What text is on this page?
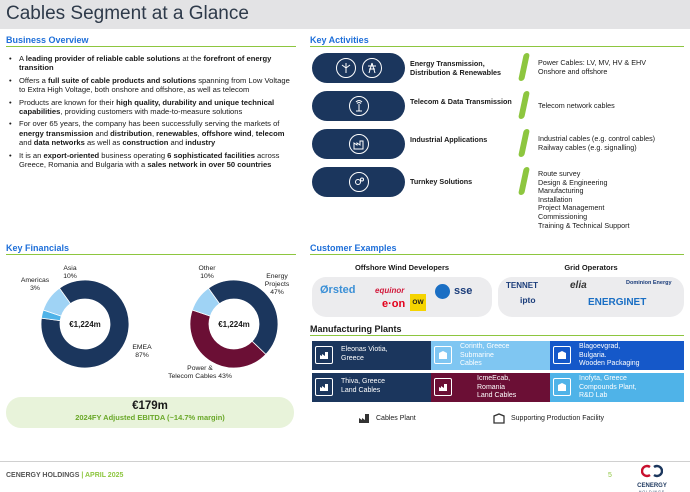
Cables Segment at a Glance
Business Overview
• A leading provider of reliable cable solutions at the forefront of energy transition
• Offers a full suite of cable products and solutions spanning from Low Voltage to Extra High Voltage, both onshore and offshore, as well as telecom
• Products are known for their high quality, durability and unique technical capabilities, providing customers with made-to-measure solutions
• For over 65 years, the company has been successfully serving the markets of energy transmission and distribution, renewables, offshore wind, telecom and data networks as well as construction and industry
• It is an export-oriented business operating 6 sophisticated facilities across Greece, Romania and Bulgaria with a sales network in over 50 countries
Key Activities
Energy Transmission, Distribution & Renewables
Power Cables: LV, MV, HV & EHV
Onshore and offshore
Telecom & Data Transmission	Telecom network cables
Industrial Applications	Industrial cables (e.g. control cables)
Railway cables (e.g. signalling)
Turnkey Solutions
Route survey
Design & Engineering
Manufacturing
Installation
Project Management
Commissioning
Training & Technical Support
Key Financials
€1,224m
Americas
3%
Asia
10%
EMEA
87%
€1,224m
Other
10%	Energy
Projects
47%
Power &
Telecom Cables 43%
€179m
2024FY Adjusted EBITDA (~14.7% margin)
Customer Examples
Offshore Wind Developers	Grid Operators
Ørsted equinor
e·on	OW
sse	TENNET	elia	Dominion Energy
ipto	ENERGINET
Manufacturing Plants
Eleonas Viotia,
Greece
Corinth, Greece
Submarine
Cables
Blagoevgrad,
Bulgaria.
Wooden Packaging
Thiva, Greece
Land Cables
IcmeEcab,
Romania
Land Cables
Inofyta, Greece
Compounds Plant,
R&D Lab
Cables Plant	Supporting Production Facility
CENERGY HOLDINGS | APRIL 2025	5
CENERGY
HOLDINGS
